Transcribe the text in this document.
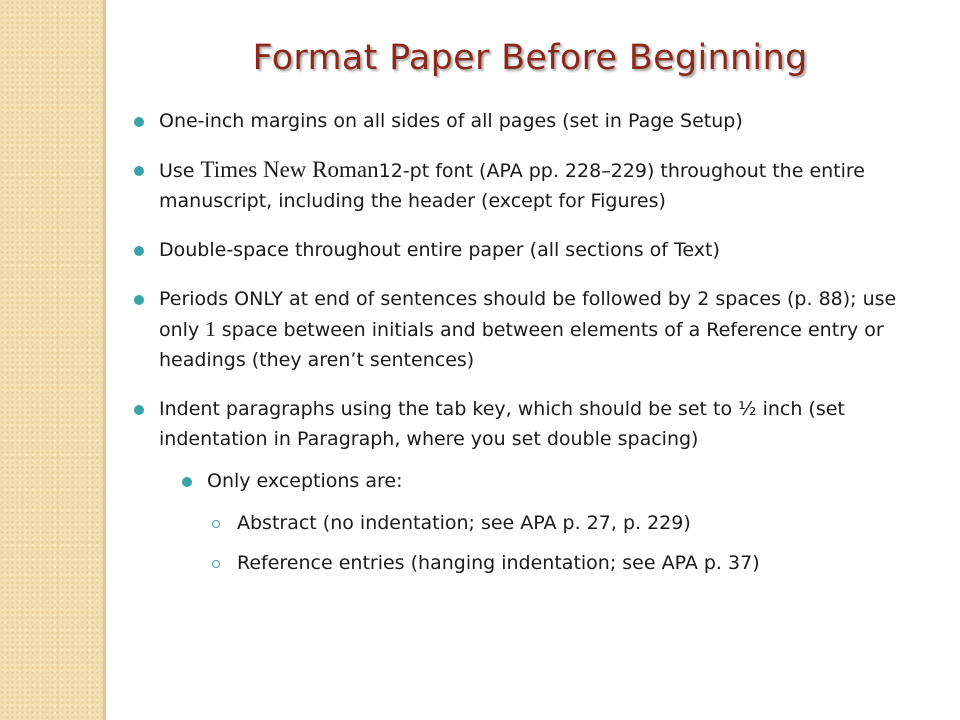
Format Paper Before Beginning
One-inch margins on all sides of all pages (set in Page Setup)
Use Times New Roman12-pt font (APA pp. 228–229) throughout the entire manuscript, including the header (except for Figures)
Double-space throughout entire paper (all sections of Text)
Periods ONLY at end of sentences should be followed by 2 spaces (p. 88); use only 1 space between initials and between elements of a Reference entry or headings (they aren’t sentences)
Indent paragraphs using the tab key, which should be set to ½ inch (set indentation in Paragraph, where you set double spacing)
Only exceptions are:
Abstract (no indentation; see APA p. 27, p. 229)
Reference entries (hanging indentation; see APA p. 37)
